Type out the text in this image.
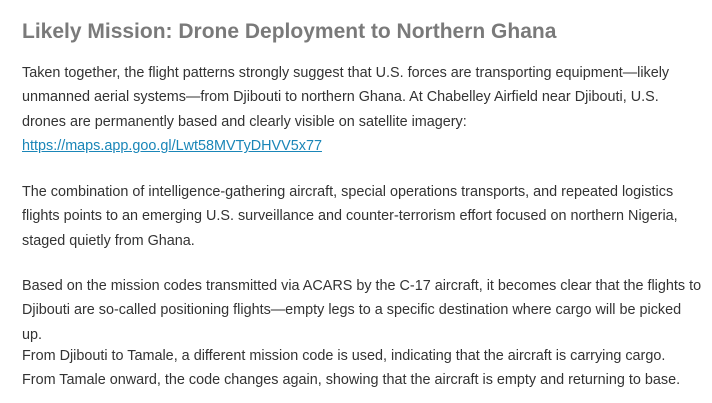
Likely Mission: Drone Deployment to Northern Ghana

Taken together, the flight patterns strongly suggest that U.S. forces are transporting equipment—likely unmanned aerial systems—from Djibouti to northern Ghana. At Chabelley Airfield near Djibouti, U.S. drones are permanently based and clearly visible on satellite imagery:
https://maps.app.goo.gl/Lwt58MVTyDHVV5x77

The combination of intelligence-gathering aircraft, special operations transports, and repeated logistics flights points to an emerging U.S. surveillance and counter-terrorism effort focused on northern Nigeria, staged quietly from Ghana.

Based on the mission codes transmitted via ACARS by the C-17 aircraft, it becomes clear that the flights to Djibouti are so-called positioning flights—empty legs to a specific destination where cargo will be picked up.

From Djibouti to Tamale, a different mission code is used, indicating that the aircraft is carrying cargo. From Tamale onward, the code changes again, showing that the aircraft is empty and returning to base.
